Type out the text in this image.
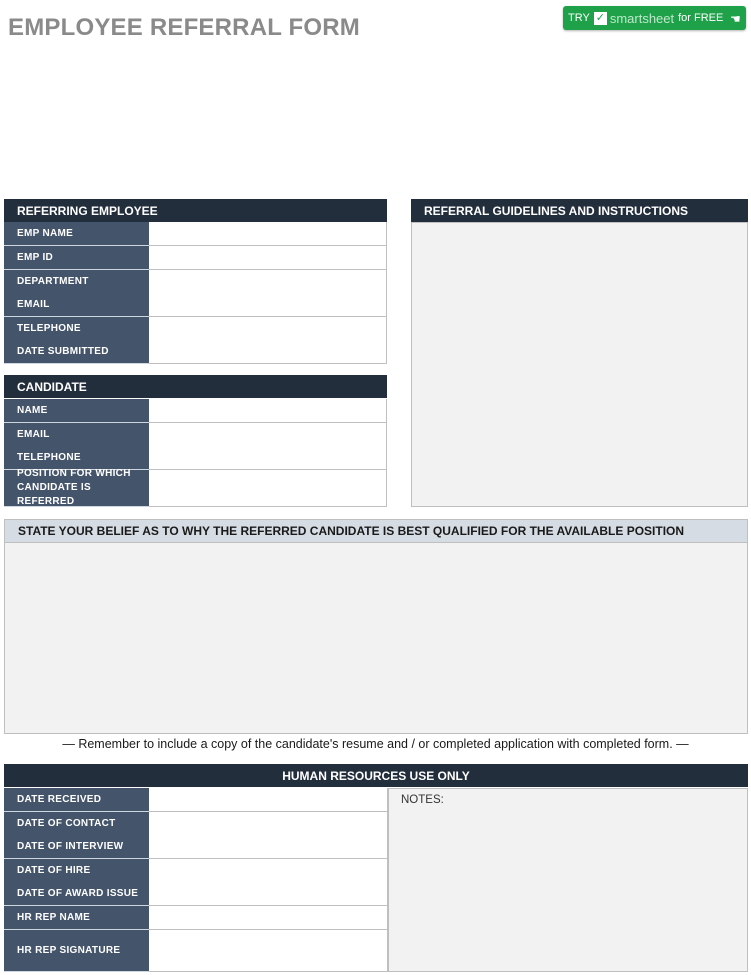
EMPLOYEE REFERRAL FORM	TRY ✓ smartsheet for FREE ☚
REFERRING EMPLOYEE
EMP NAME
EMP ID
DEPARTMENT
EMAIL
TELEPHONE
DATE SUBMITTED
REFERRAL GUIDELINES AND INSTRUCTIONS
CANDIDATE
NAME
EMAIL
TELEPHONE
POSITION FOR WHICH
CANDIDATE IS REFERRED
STATE YOUR BELIEF AS TO WHY THE REFERRED CANDIDATE IS BEST QUALIFIED FOR THE AVAILABLE POSITION
— Remember to include a copy of the candidate's resume and / or completed application with completed form. —
HUMAN RESOURCES USE ONLY
DATE RECEIVED
DATE OF CONTACT
DATE OF INTERVIEW
DATE OF HIRE
DATE OF AWARD ISSUE
HR REP NAME
HR REP SIGNATURE
NOTES:
